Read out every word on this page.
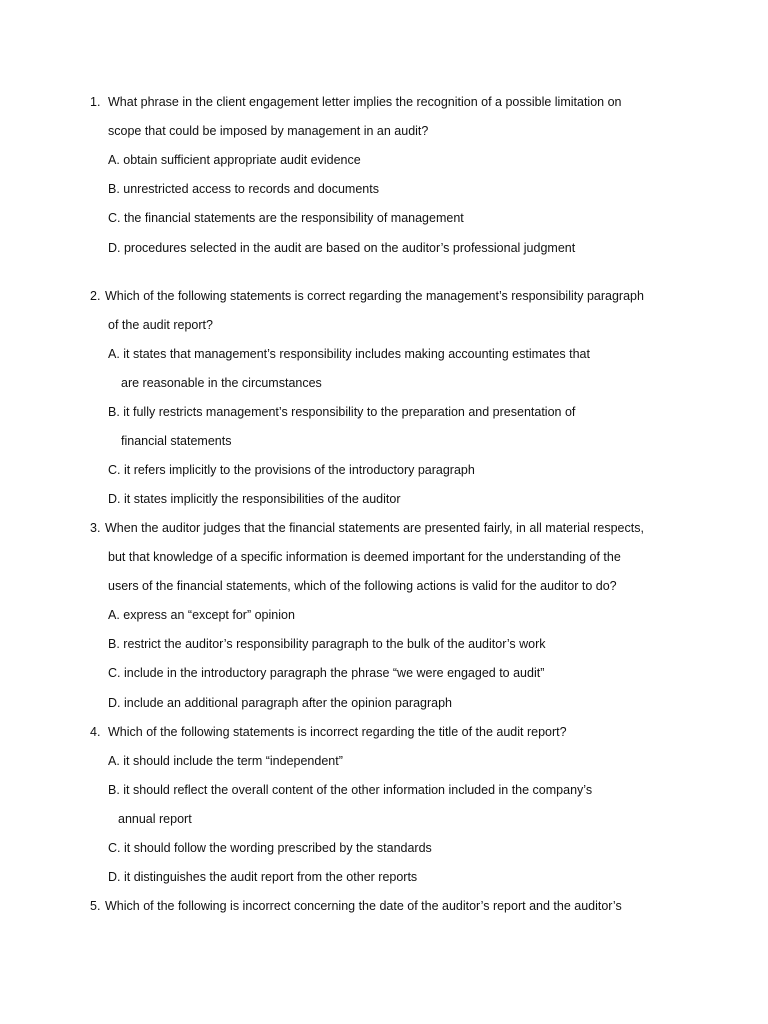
1. What phrase in the client engagement letter implies the recognition of a possible limitation on
scope that could be imposed by management in an audit?
A. obtain sufficient appropriate audit evidence
B. unrestricted access to records and documents
C. the financial statements are the responsibility of management
D. procedures selected in the audit are based on the auditor’s professional judgment
2. Which of the following statements is correct regarding the management’s responsibility paragraph
of the audit report?
A. it states that management’s responsibility includes making accounting estimates that
are reasonable in the circumstances
B. it fully restricts management’s responsibility to the preparation and presentation of
financial statements
C. it refers implicitly to the provisions of the introductory paragraph
D. it states implicitly the responsibilities of the auditor
3. When the auditor judges that the financial statements are presented fairly, in all material respects,
but that knowledge of a specific information is deemed important for the understanding of the
users of the financial statements, which of the following actions is valid for the auditor to do?
A. express an “except for” opinion
B. restrict the auditor’s responsibility paragraph to the bulk of the auditor’s work
C. include in the introductory paragraph the phrase “we were engaged to audit”
D. include an additional paragraph after the opinion paragraph
4. Which of the following statements is incorrect regarding the title of the audit report?
A. it should include the term “independent”
B. it should reflect the overall content of the other information included in the company’s
annual report
C. it should follow the wording prescribed by the standards
D. it distinguishes the audit report from the other reports
5. Which of the following is incorrect concerning the date of the auditor’s report and the auditor’s
